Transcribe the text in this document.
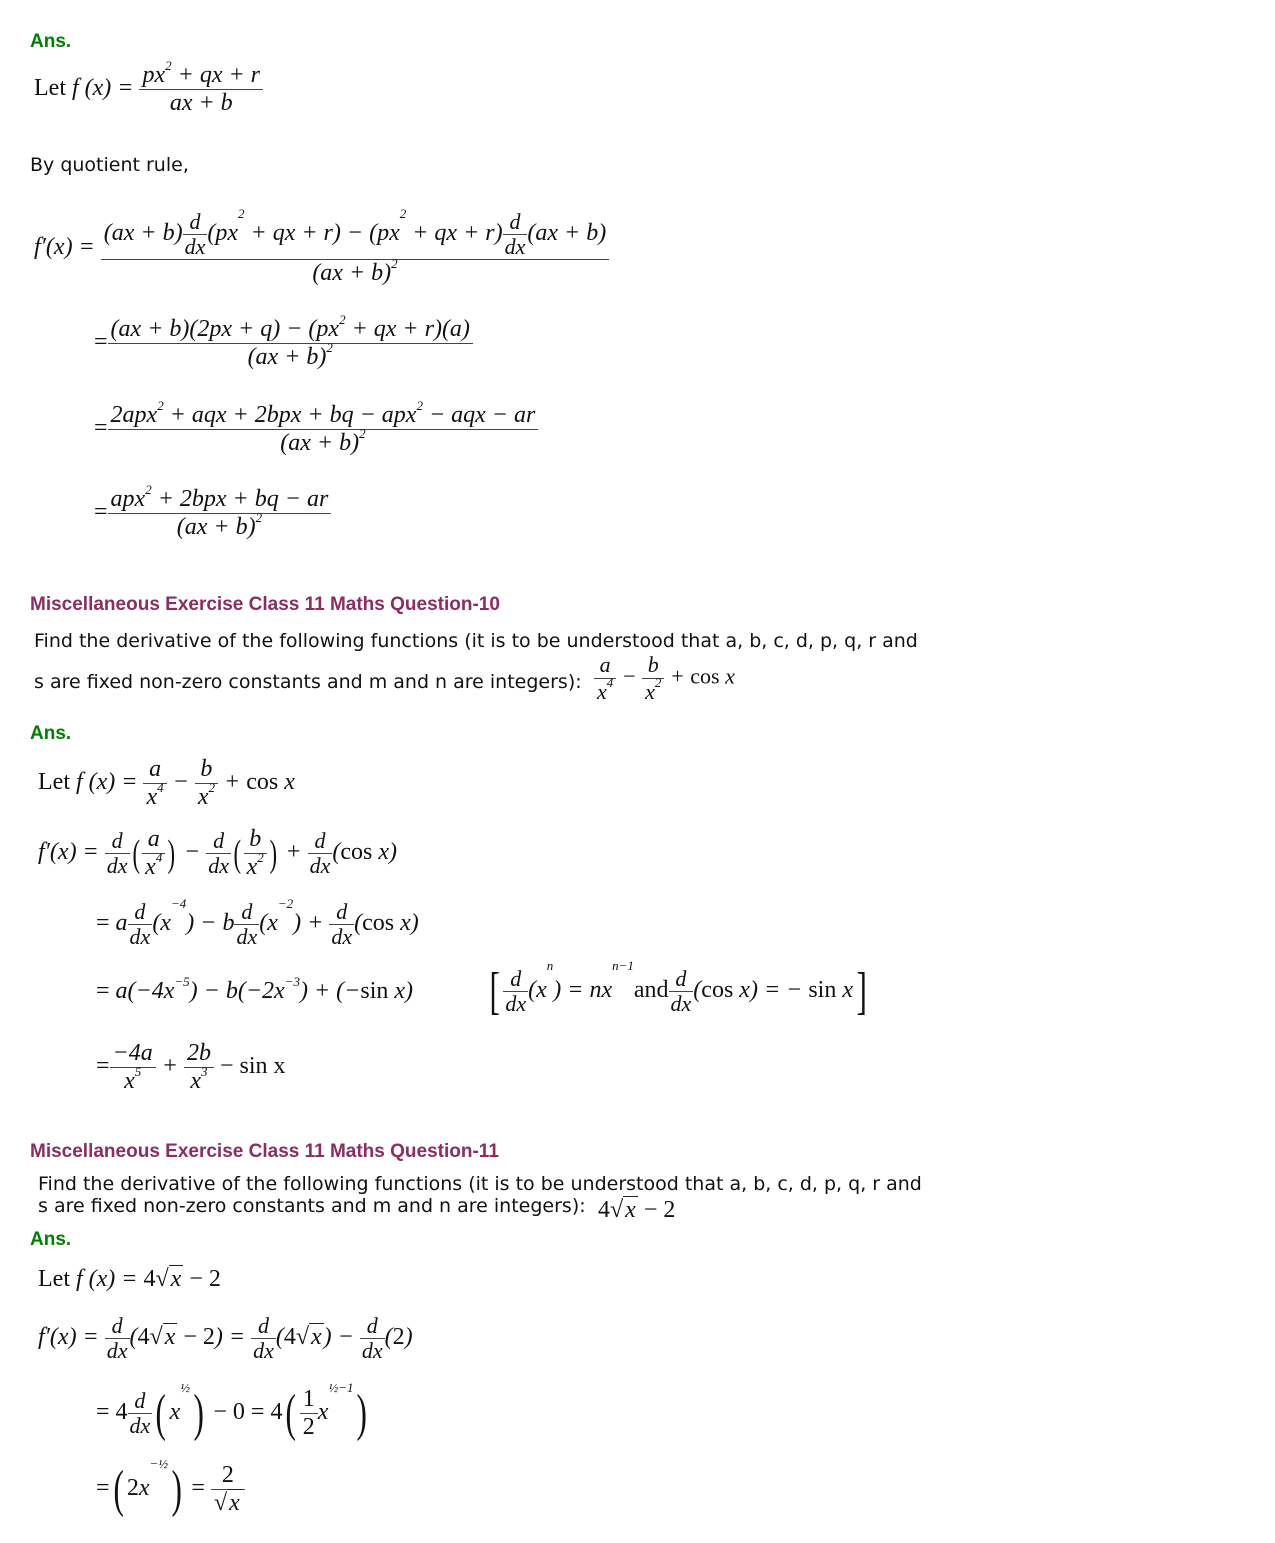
Ans.
Let f $(x) = \frac{px^2 + qx + r}{ax + b}$
By quotient rule,
$f'(x) = \frac{(ax + b) \frac{d}{dx} (px^2 + qx + r) - (px^2 + qx + r) \frac{d}{dx} (ax + b)}{(ax + b)^2}$
= $\frac{(ax + b)(2px + q) - (px^2 + qx + r)(a)}{(ax + b)^2}$
= $\frac{2apx^2 + aqx + 2bpx + bq - apx^2 - aqx - ar}{(ax + b)^2}$
= $\frac{apx^2 + 2bpx + bq - ar}{(ax + b)^2}$
Miscellaneous Exercise Class 11 Maths Question-10
Find the derivative of the following functions (it is to be understood that a, b, c, d, p, q, r and
s are fixed non-zero constants and m and n are integers): $\frac{a}{x^4} - \frac{b}{x^2} + \cos x$
Ans.
Let f $(x) = \frac{a}{x^4} - \frac{b}{x^2} + \cos x$
$f'(x) = \frac{d}{dx}$ ( $\frac{a}{x^4}$ ) − $\frac{d}{dx}$ ( $\frac{b}{x^2}$ ) + $\frac{d}{dx} (\cos$ x)
= a $\frac{d}{dx} (x^{-4}) - b \frac{d}{dx} (x^{-2}) + \frac{d}{dx} (\cos$ x)
= $a(-4x^{-5}) - b(-2x^{-3}) + (-\sin$ x) [ $\frac{d}{dx} (x^n) = nx^{n-1}and \frac{d}{dx} (\cos$ x) = − sin x]
= $\frac{-4a}{x^5} + \frac{2b}{x^3} - \sin x$
Miscellaneous Exercise Class 11 Maths Question-11
Find the derivative of the following functions (it is to be understood that a, b, c, d, p, q, r and
s are fixed non-zero constants and m and n are integers): 4√x − 2
Ans.
Let f (x) = 4√x − 2
$f'(x) = \frac{d}{dx} (4√x - 2) = \frac{d}{dx} (4√x) - \frac{d}{dx} (2)$
= $4 \frac{d}{dx}$ ( $x^{\frac{1}{2}}) - 0 = 4( \frac{1}{2} x^{\frac{1}{2}-1})$
=( $2x^{-\frac{1}{2}}) = \frac{2}{√x}$
